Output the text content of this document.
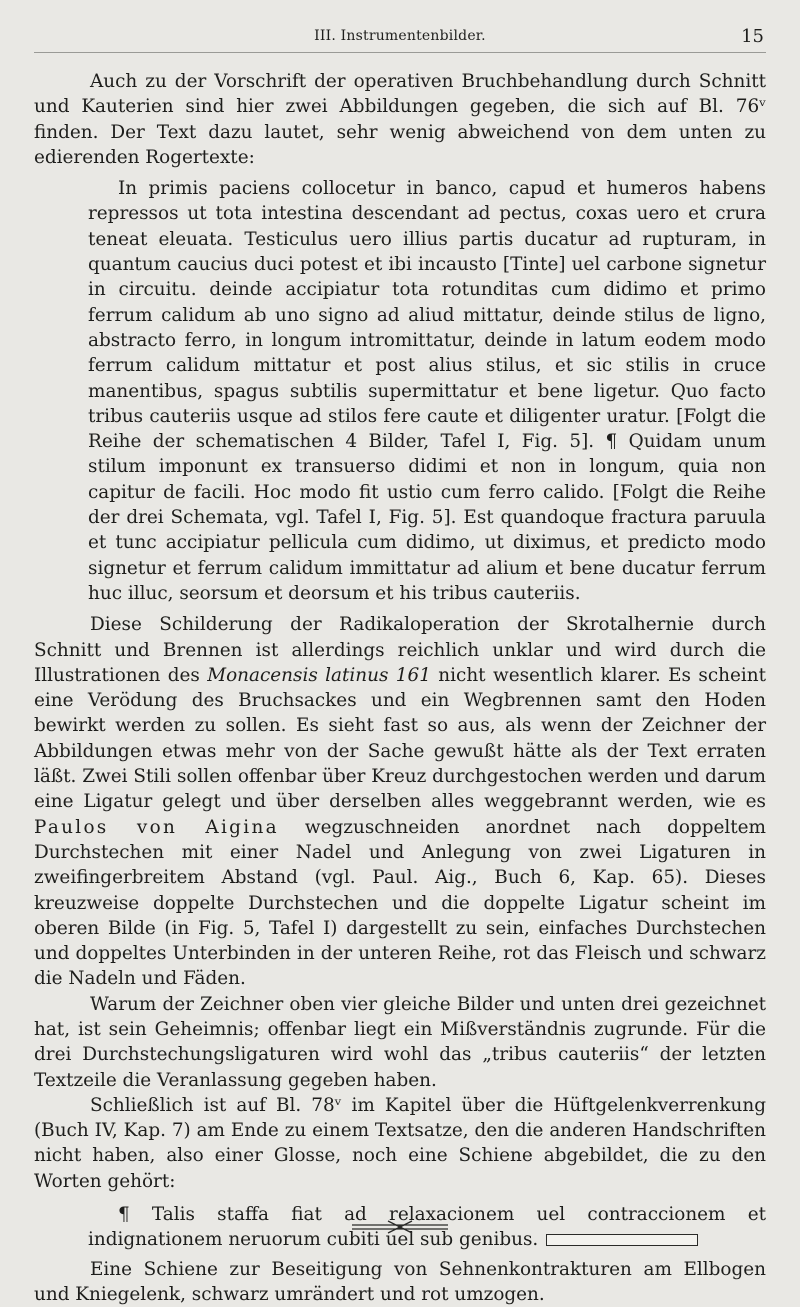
III. Instrumentenbilder.	15

Auch zu der Vorschrift der operativen Bruchbehandlung durch Schnitt und Kauterien sind hier zwei Abbildungen gegeben, die sich auf Bl. 76ᵛ finden. Der Text dazu lautet, sehr wenig abweichend von dem unten zu edierenden Rogertexte:

In primis paciens collocetur in banco, capud et humeros habens repressos ut tota intestina descendant ad pectus, coxas uero et crura teneat eleuata. Testiculus uero illius partis ducatur ad rupturam, in quantum caucius duci potest et ibi incausto [Tinte] uel carbone signetur in circuitu. deinde accipiatur tota rotunditas cum didimo et primo ferrum calidum ab uno signo ad aliud mittatur, deinde stilus de ligno, abstracto ferro, in longum intromittatur, deinde in latum eodem modo ferrum calidum mittatur et post alius stilus, et sic stilis in cruce manentibus, spagus subtilis supermittatur et bene ligetur. Quo facto tribus cauteriis usque ad stilos fere caute et diligenter uratur. [Folgt die Reihe der schematischen 4 Bilder, Tafel I, Fig. 5]. ¶ Quidam unum stilum imponunt ex transuerso didimi et non in longum, quia non capitur de facili. Hoc modo fit ustio cum ferro calido. [Folgt die Reihe der drei Schemata, vgl. Tafel I, Fig. 5]. Est quandoque fractura paruula et tunc accipiatur pellicula cum didimo, ut diximus, et predicto modo signetur et ferrum calidum immittatur ad alium et bene ducatur ferrum huc illuc, seorsum et deorsum et his tribus cauteriis.

Diese Schilderung der Radikaloperation der Skrotalhernie durch Schnitt und Brennen ist allerdings reichlich unklar und wird durch die Illustrationen des Monacensis latinus 161 nicht wesentlich klarer. Es scheint eine Verödung des Bruchsackes und ein Wegbrennen samt den Hoden bewirkt werden zu sollen. Es sieht fast so aus, als wenn der Zeichner der Abbildungen etwas mehr von der Sache gewußt hätte als der Text erraten läßt. Zwei Stili sollen offenbar über Kreuz durchgestochen werden und darum eine Ligatur gelegt und über derselben alles weggebrannt werden, wie es Paulos von Aigina wegzuschneiden anordnet nach doppeltem Durchstechen mit einer Nadel und Anlegung von zwei Ligaturen in zweifingerbreitem Abstand (vgl. Paul. Aig., Buch 6, Kap. 65). Dieses kreuzweise doppelte Durchstechen und die doppelte Ligatur scheint im oberen Bilde (in Fig. 5, Tafel I) dargestellt zu sein, einfaches Durchstechen und doppeltes Unterbinden in der unteren Reihe, rot das Fleisch und schwarz die Nadeln und Fäden.

Warum der Zeichner oben vier gleiche Bilder und unten drei gezeichnet hat, ist sein Geheimnis; offenbar liegt ein Mißverständnis zugrunde. Für die drei Durchstechungsligaturen wird wohl das „tribus cauteriis“ der letzten Textzeile die Veranlassung gegeben haben.

Schließlich ist auf Bl. 78ᵛ im Kapitel über die Hüftgelenkverrenkung (Buch IV, Kap. 7) am Ende zu einem Textsatze, den die anderen Handschriften nicht haben, also einer Glosse, noch eine Schiene abgebildet, die zu den Worten gehört:

¶ Talis staffa fiat ad relaxacionem uel contraccionem et indignationem neruorum cubiti uel sub genibus.

Eine Schiene zur Beseitigung von Sehnenkontrakturen am Ellbogen und Kniegelenk, schwarz umrändert und rot umzogen.
